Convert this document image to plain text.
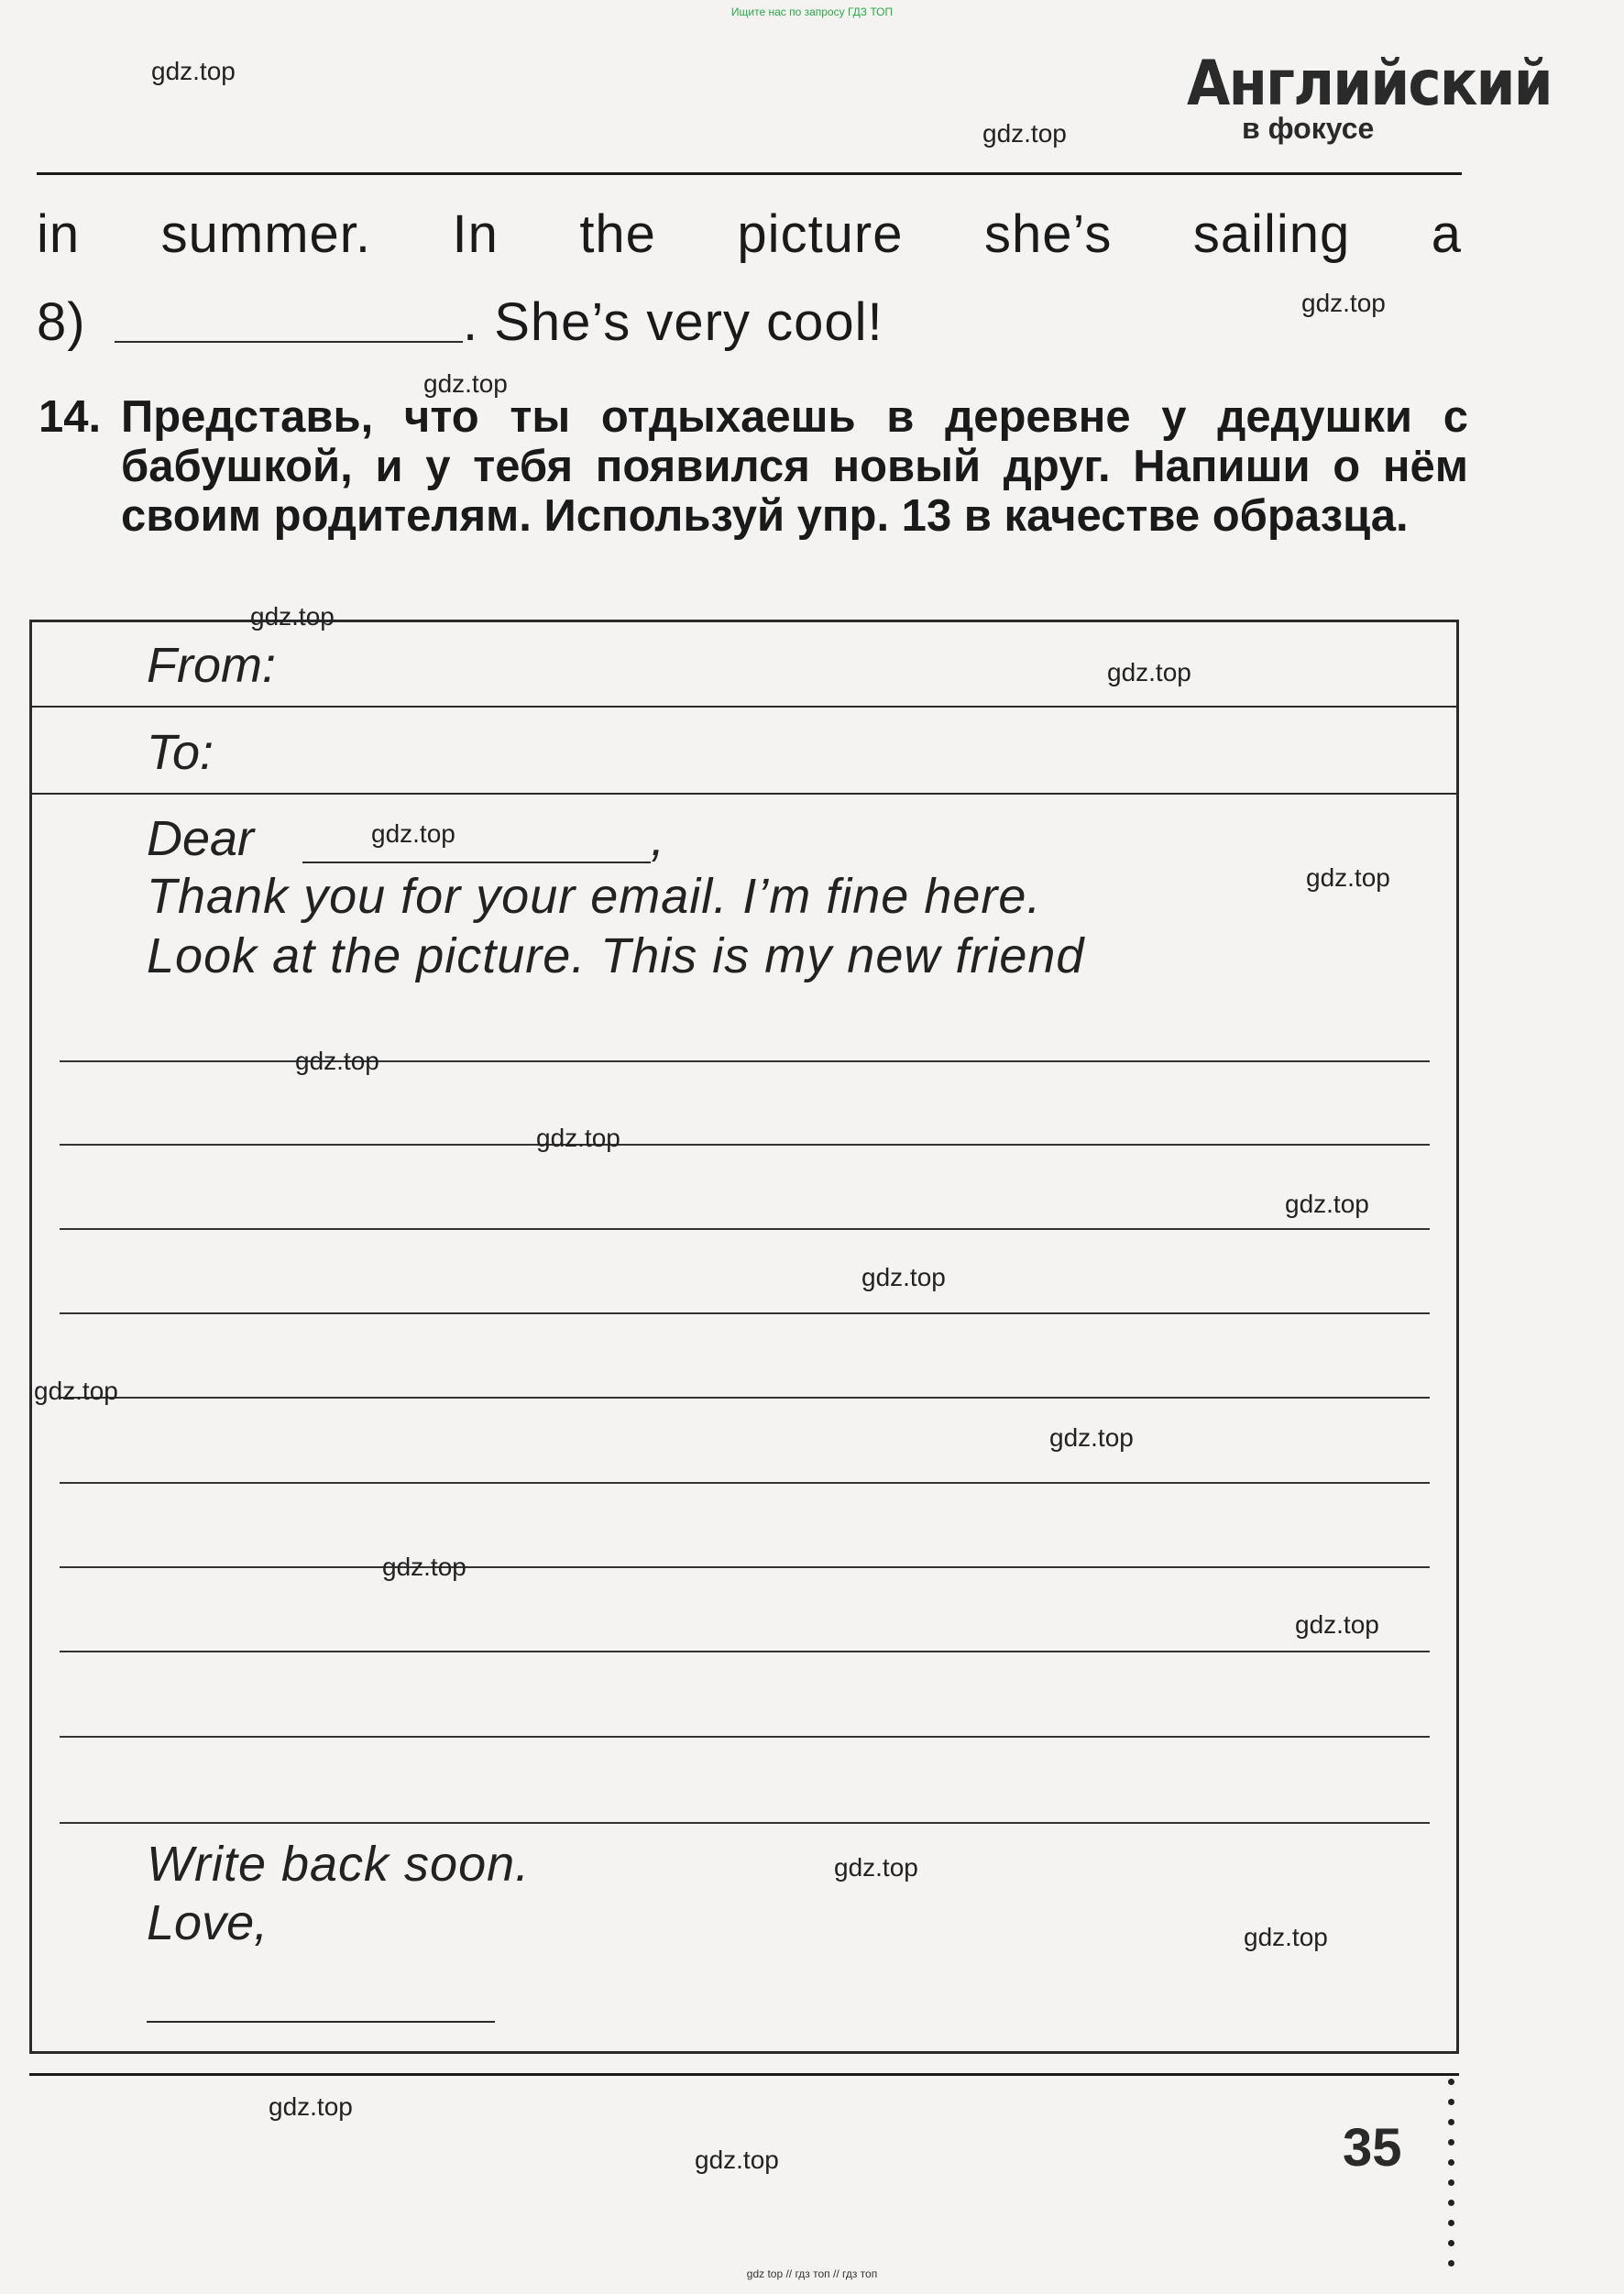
Ищите нас по запросу ГДЗ ТОП
Английский
в фокусе
in summer. In the picture she’s sailing a
8)	. She’s very cool!
14. Представь, что ты отдыхаешь в деревне у дедушки с бабушкой, и у тебя появился новый друг. Напиши о нём своим родителям. Используй упр. 13 в качестве образца.
From:
To:
Dear	,
Thank you for your email. I’m fine here.
Look at the picture. This is my new friend
Write back soon.
Love,
35
gdz.top
gdz.top
gdz.top
gdz.top
gdz.top
gdz.top
gdz.top
gdz.top
gdz.top
gdz.top
gdz.top
gdz.top
gdz.top
gdz.top
gdz.top
gdz.top
gdz.top
gdz.top
gdz.top
gdz.top
gdz top // гдз топ // гдз топ
